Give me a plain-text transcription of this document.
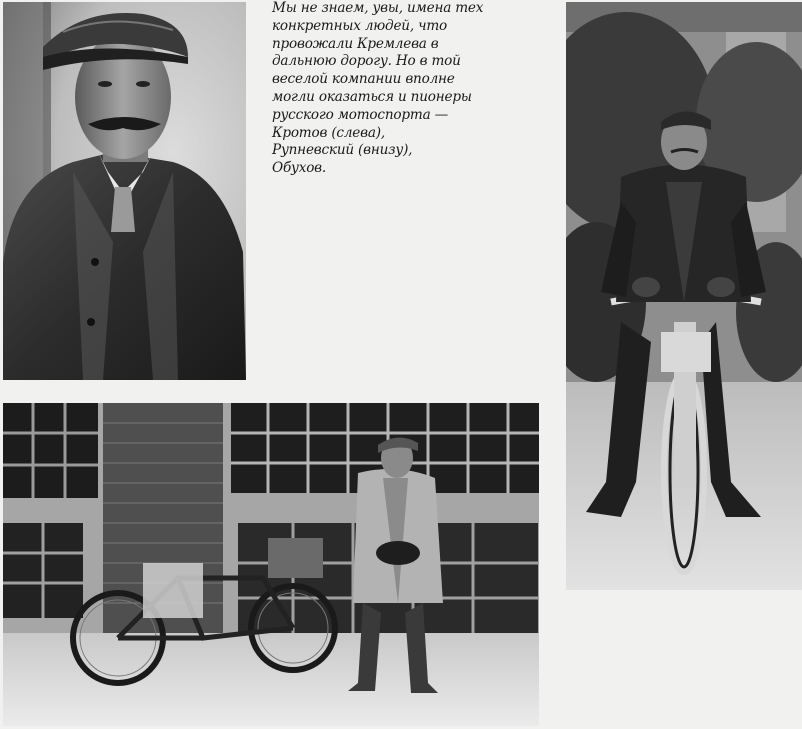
Мы не знаем, увы, имена тех
конкретных людей, что
провожали Кремлева в
дальнюю дорогу. Но в той
веселой компании вполне
могли оказаться и пионеры
русского мотоспорта —
Кротов (слева),
Рупневский (внизу),
Обухов.
